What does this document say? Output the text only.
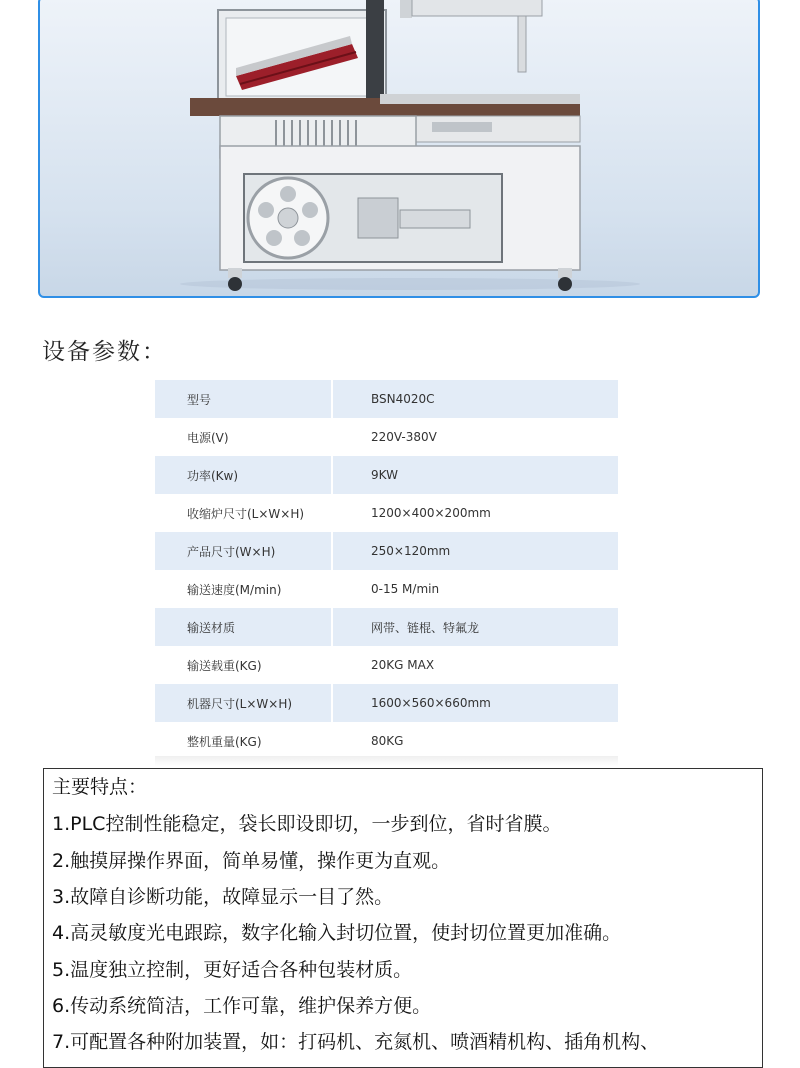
设备参数：
型号	BSN4020C
电源(V)	220V-380V
功率(Kw)	9KW
收缩炉尺寸(L×W×H)	1200×400×200mm
产品尺寸(W×H)	250×120mm
输送速度(M/min)	0-15 M/min
输送材质	网带、链棍、特氟龙
输送载重(KG)	20KG MAX
机器尺寸(L×W×H)	1600×560×660mm
整机重量(KG)	80KG
主要特点：
1.PLC控制性能稳定，袋长即设即切，一步到位，省时省膜。
2.触摸屏操作界面，简单易懂，操作更为直观。
3.故障自诊断功能，故障显示一目了然。
4.高灵敏度光电跟踪，数字化输入封切位置，使封切位置更加准确。
5.温度独立控制，更好适合各种包装材质。
6.传动系统简洁，工作可靠，维护保养方便。
7.可配置各种附加装置，如：打码机、充氮机、喷酒精机构、插角机构、
